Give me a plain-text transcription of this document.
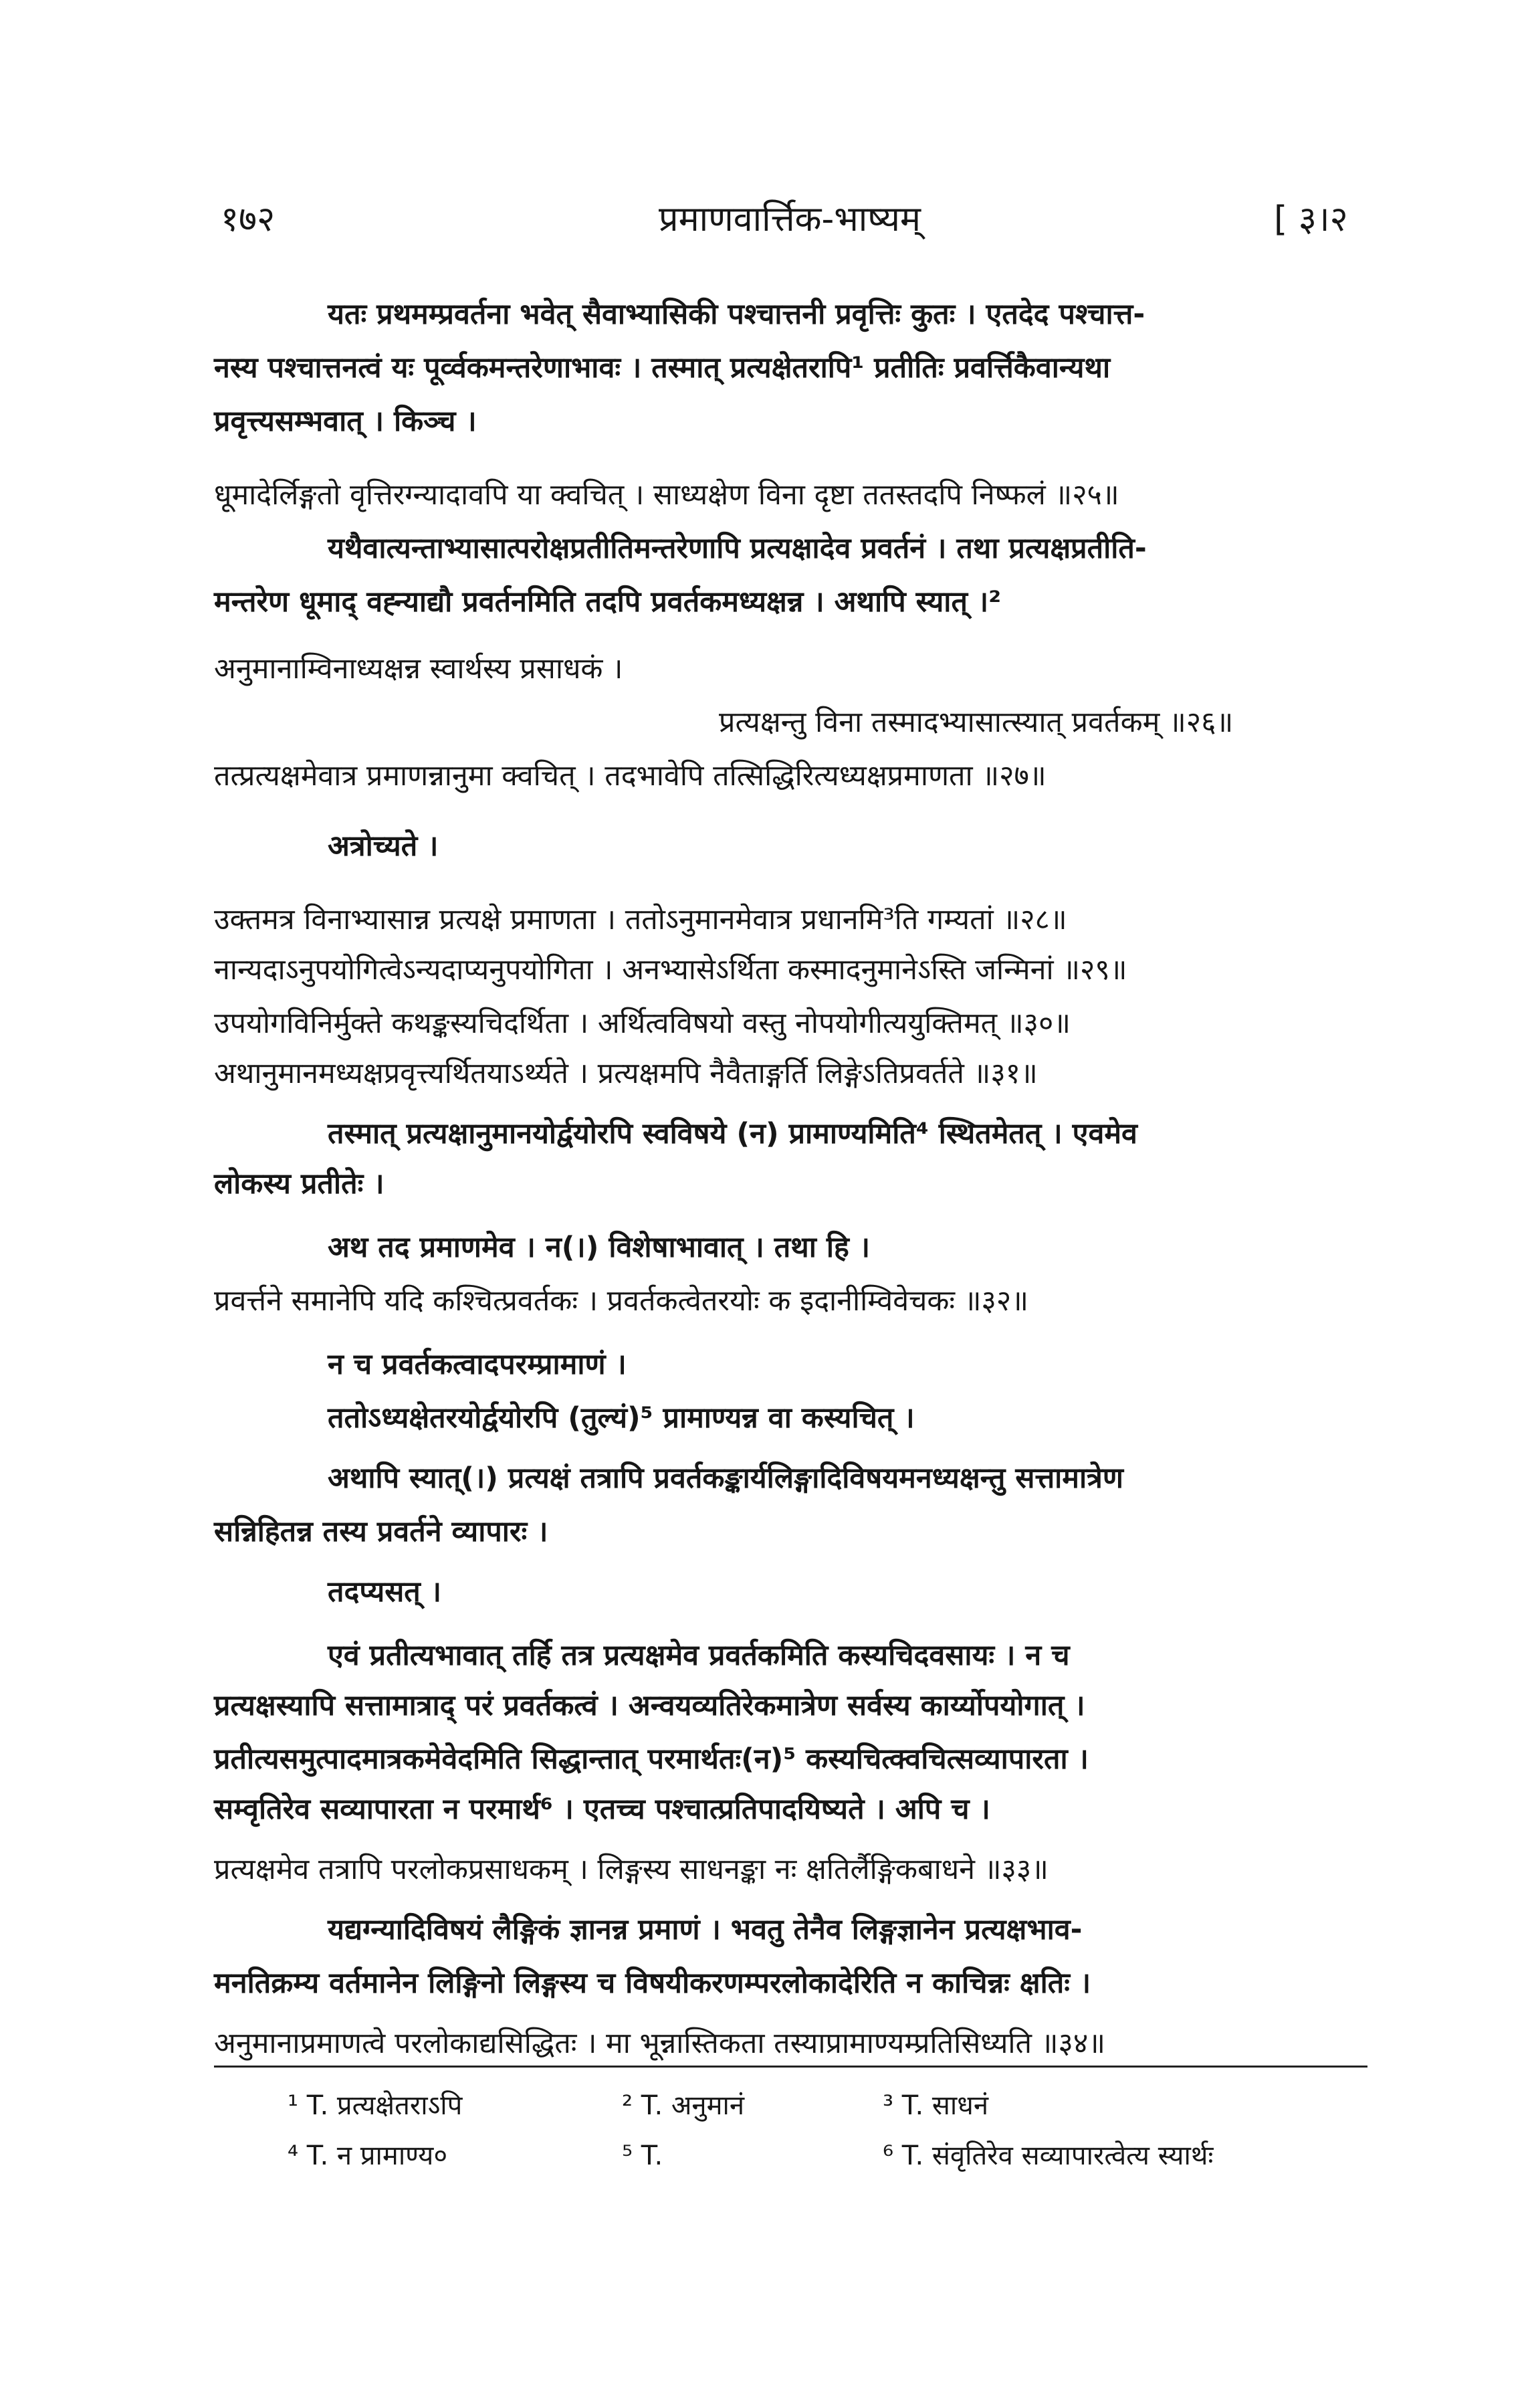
१७२	प्रमाणवार्त्तिक-भाष्यम्	[ ३।२
यतः प्रथमम्प्रवर्तना भवेत् सैवाभ्यासिकी पश्चात्तनी प्रवृत्तिः कुतः । एतदेद पश्चात्त-
नस्य पश्चात्तनत्वं यः पूर्व्वकमन्तरेणाभावः । तस्मात् प्रत्यक्षेतरापि¹ प्रतीतिः प्रवर्त्तिकैवान्यथा
प्रवृत्त्यसम्भवात् । किञ्च ।
धूमादेर्लिङ्गतो वृत्तिरग्न्यादावपि या क्वचित् । साध्यक्षेण विना दृष्टा ततस्तदपि निष्फलं ॥२५॥
यथैवात्यन्ताभ्यासात्परोक्षप्रतीतिमन्तरेणापि प्रत्यक्षादेव प्रवर्तनं । तथा प्रत्यक्षप्रतीति-
मन्तरेण धूमाद् वह्न्याद्यौ प्रवर्तनमिति तदपि प्रवर्तकमध्यक्षन्न । अथापि स्यात् ।²
अनुमानाम्विनाध्यक्षन्न स्वार्थस्य प्रसाधकं ।
प्रत्यक्षन्तु विना तस्मादभ्यासात्स्यात् प्रवर्तकम् ॥२६॥
तत्प्रत्यक्षमेवात्र प्रमाणन्नानुमा क्वचित् । तदभावेपि तत्सिद्धिरित्यध्यक्षप्रमाणता ॥२७॥
अत्रोच्यते ।
उक्तमत्र विनाभ्यासान्न प्रत्यक्षे प्रमाणता । ततोऽनुमानमेवात्र प्रधानमि³ति गम्यतां ॥२८॥
नान्यदाऽनुपयोगित्वेऽन्यदाप्यनुपयोगिता । अनभ्यासेऽर्थिता कस्मादनुमानेऽस्ति जन्मिनां ॥२९॥
उपयोगविनिर्मुक्ते कथङ्कस्यचिदर्थिता । अर्थित्वविषयो वस्तु नोपयोगीत्ययुक्तिमत् ॥३०॥
अथानुमानमध्यक्षप्रवृत्त्यर्थितयाऽर्थ्यते । प्रत्यक्षमपि नैवैताङ्गर्ति लिङ्गेऽतिप्रवर्तते ॥३१॥
तस्मात् प्रत्यक्षानुमानयोर्द्वयोरपि स्वविषये (न) प्रामाण्यमिति⁴ स्थितमेतत् । एवमेव
लोकस्य प्रतीतेः ।
अथ तद प्रमाणमेव । न(।) विशेषाभावात् । तथा हि ।
प्रवर्त्तने समानेपि यदि कश्चित्प्रवर्तकः । प्रवर्तकत्वेतरयोः क इदानीम्विवेचकः ॥३२॥
न च प्रवर्तकत्वादपरम्प्रामाणं ।
ततोऽध्यक्षेतरयोर्द्वयोरपि (तुल्यं)⁵ प्रामाण्यन्न वा कस्यचित् ।
अथापि स्यात्(।) प्रत्यक्षं तत्रापि प्रवर्तकङ्कार्यलिङ्गादिविषयमनध्यक्षन्तु सत्तामात्रेण
सन्निहितन्न तस्य प्रवर्तने व्यापारः ।
तदप्यसत् ।
एवं प्रतीत्यभावात् तर्हि तत्र प्रत्यक्षमेव प्रवर्तकमिति कस्यचिदवसायः । न च
प्रत्यक्षस्यापि सत्तामात्राद् परं प्रवर्तकत्वं । अन्वयव्यतिरेकमात्रेण सर्वस्य कार्य्योपयोगात् ।
प्रतीत्यसमुत्पादमात्रकमेवेदमिति सिद्धान्तात् परमार्थतः(न)⁵ कस्यचित्क्वचित्सव्यापारता ।
सम्वृतिरेव सव्यापारता न परमार्थ⁶ । एतच्च पश्चात्प्रतिपादयिष्यते । अपि च ।
प्रत्यक्षमेव तत्रापि परलोकप्रसाधकम् । लिङ्गस्य साधनङ्का नः क्षतिर्लैङ्गिकबाधने ॥३३॥
यद्यग्न्यादिविषयं लैङ्गिकं ज्ञानन्न प्रमाणं । भवतु तेनैव लिङ्गज्ञानेन प्रत्यक्षभाव-
मनतिक्रम्य वर्तमानेन लिङ्गिनो लिङ्गस्य च विषयीकरणम्परलोकादेरिति न काचिन्नः क्षतिः ।
अनुमानाप्रमाणत्वे परलोकाद्यसिद्धितः । मा भून्नास्तिकता तस्याप्रामाण्यम्प्रतिसिध्यति ॥३४॥
¹ T. प्रत्यक्षेतराऽपि	² T. अनुमानं	³ T. साधनं
⁴ T. न प्रामाण्य०	⁵ T.	⁶ T. संवृतिरेव सव्यापारत्वेत्य स्यार्थः
